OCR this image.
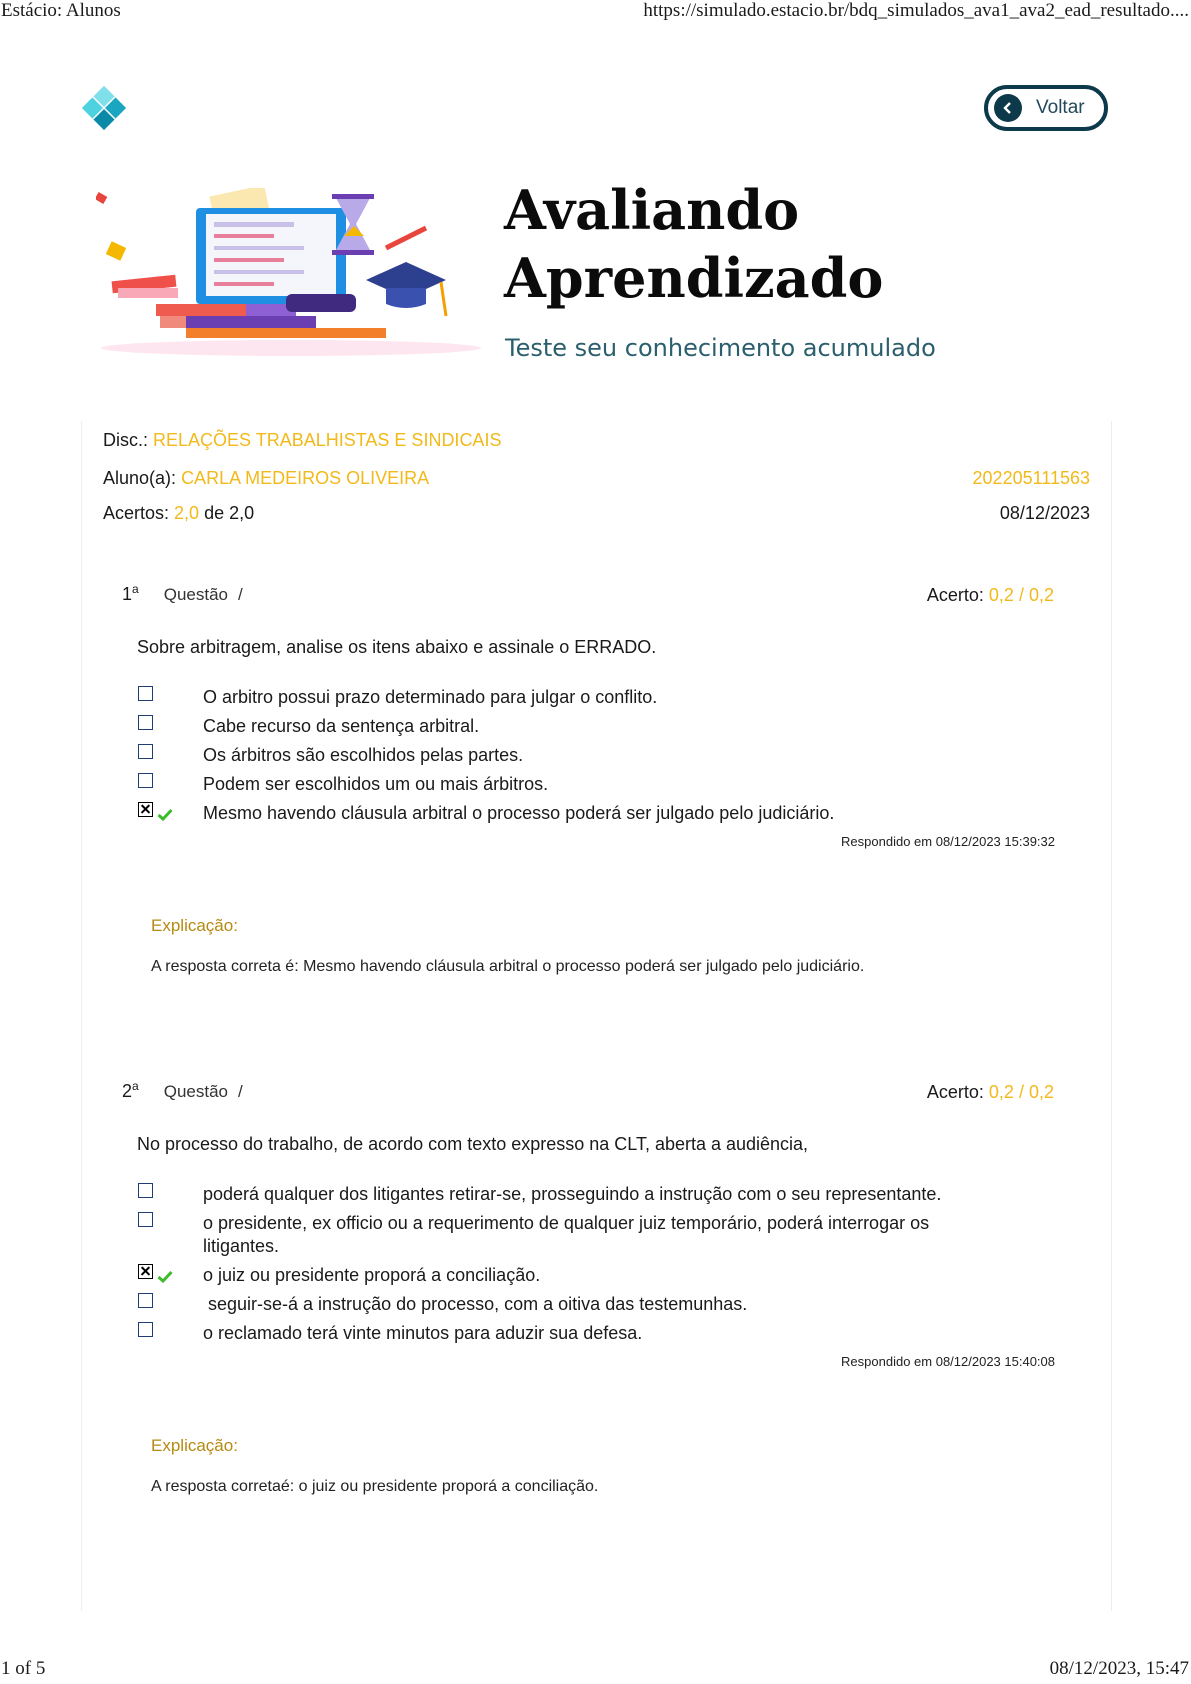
Estácio: Alunos	https://simulado.estacio.br/bdq_simulados_ava1_ava2_ead_resultado....
Voltar
Avaliando
Aprendizado
Teste seu conhecimento acumulado
Disc.: RELAÇÕES TRABALHISTAS E SINDICAIS
Aluno(a): CARLA MEDEIROS OLIVEIRA	202205111563
Acertos: 2,0 de 2,0	08/12/2023
1$^a$ Questão /	Acerto: 0,2 / 0,2
Sobre arbitragem, analise os itens abaixo e assinale o ERRADO.
O arbitro possui prazo determinado para julgar o conflito.
Cabe recurso da sentença arbitral.
Os árbitros são escolhidos pelas partes.
Podem ser escolhidos um ou mais árbitros.
Mesmo havendo cláusula arbitral o processo poderá ser julgado pelo judiciário.
Respondido em 08/12/2023 15:39:32
Explicação:
A resposta correta é: Mesmo havendo cláusula arbitral o processo poderá ser julgado pelo judiciário.
2$^a$ Questão /	Acerto: 0,2 / 0,2
No processo do trabalho, de acordo com texto expresso na CLT, aberta a audiência,
poderá qualquer dos litigantes retirar-se, prosseguindo a instrução com o seu representante.
o presidente, ex officio ou a requerimento de qualquer juiz temporário, poderá interrogar os
litigantes.
o juiz ou presidente proporá a conciliação.
seguir-se-á a instrução do processo, com a oitiva das testemunhas.
o reclamado terá vinte minutos para aduzir sua defesa.
Respondido em 08/12/2023 15:40:08
Explicação:
A resposta corretaé: o juiz ou presidente proporá a conciliação.
1 of 5	08/12/2023, 15:47
